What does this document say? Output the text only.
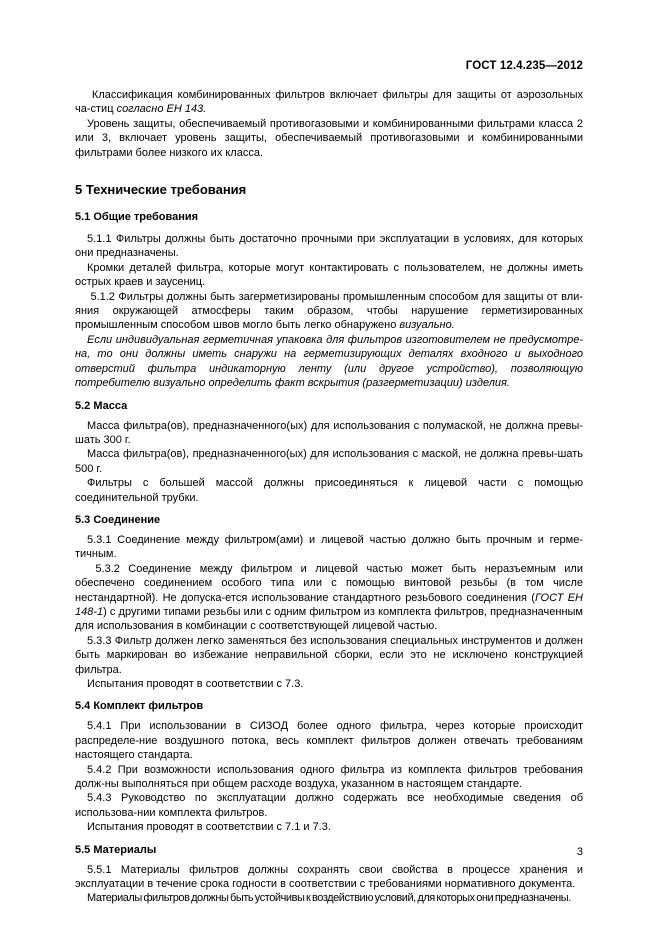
ГОСТ 12.4.235—2012

Классификация комбинированных фильтров включает фильтры для защиты от аэрозольных ча-стиц согласно ЕН 143.

Уровень защиты, обеспечиваемый противогазовыми и комбинированными фильтрами класса 2 или 3, включает уровень защиты, обеспечиваемый противогазовыми и комбинированными фильтрами более низкого их класса.

5 Технические требования

5.1 Общие требования

5.1.1 Фильтры должны быть достаточно прочными при эксплуатации в условиях, для которых они предназначены.

Кромки деталей фильтра, которые могут контактировать с пользователем, не должны иметь острых краев и заусениц.

5.1.2 Фильтры должны быть загерметизированы промышленным способом для защиты от вли-яния окружающей атмосферы таким образом, чтобы нарушение герметизированных промышленным способом швов могло быть легко обнаружено визуально.

Если индивидуальная герметичная упаковка для фильтров изготовителем не предусмотре-на, то они должны иметь снаружи на герметизирующих деталях входного и выходного отверстий фильтра индикаторную ленту (или другое устройство), позволяющую потребителю визуально определить факт вскрытия (разгерметизации) изделия.

5.2 Масса

Масса фильтра(ов), предназначенного(ых) для использования с полумаской, не должна превы-шать 300 г.

Масса фильтра(ов), предназначенного(ых) для использования с маской, не должна превы-шать 500 г.

Фильтры с большей массой должны присоединяться к лицевой части с помощью соединительной трубки.

5.3 Соединение

5.3.1 Соединение между фильтром(ами) и лицевой частью должно быть прочным и герме-тичным.

5.3.2 Соединение между фильтром и лицевой частью может быть неразъемным или обеспечено соединением особого типа или с помощью винтовой резьбы (в том числе нестандартной). Не допуска-ется использование стандартного резьбового соединения (ГОСТ ЕН 148-1) с другими типами резьбы или с одним фильтром из комплекта фильтров, предназначенным для использования в комбинации с соответствующей лицевой частью.

5.3.3 Фильтр должен легко заменяться без использования специальных инструментов и должен быть маркирован во избежание неправильной сборки, если это не исключено конструкцией фильтра.

Испытания проводят в соответствии с 7.3.

5.4 Комплект фильтров

5.4.1 При использовании в СИЗОД более одного фильтра, через которые происходит распределе-ние воздушного потока, весь комплект фильтров должен отвечать требованиям настоящего стандарта.

5.4.2 При возможности использования одного фильтра из комплекта фильтров требования долж-ны выполняться при общем расходе воздуха, указанном в настоящем стандарте.

5.4.3 Руководство по эксплуатации должно содержать все необходимые сведения об использова-нии комплекта фильтров.

Испытания проводят в соответствии с 7.1 и 7.3.

5.5 Материалы

5.5.1 Материалы фильтров должны сохранять свои свойства в процессе хранения и эксплуатации в течение срока годности в соответствии с требованиями нормативного документа.

Материалы фильтров должны быть устойчивы к воздействию условий, для которых они предназначены.

3
